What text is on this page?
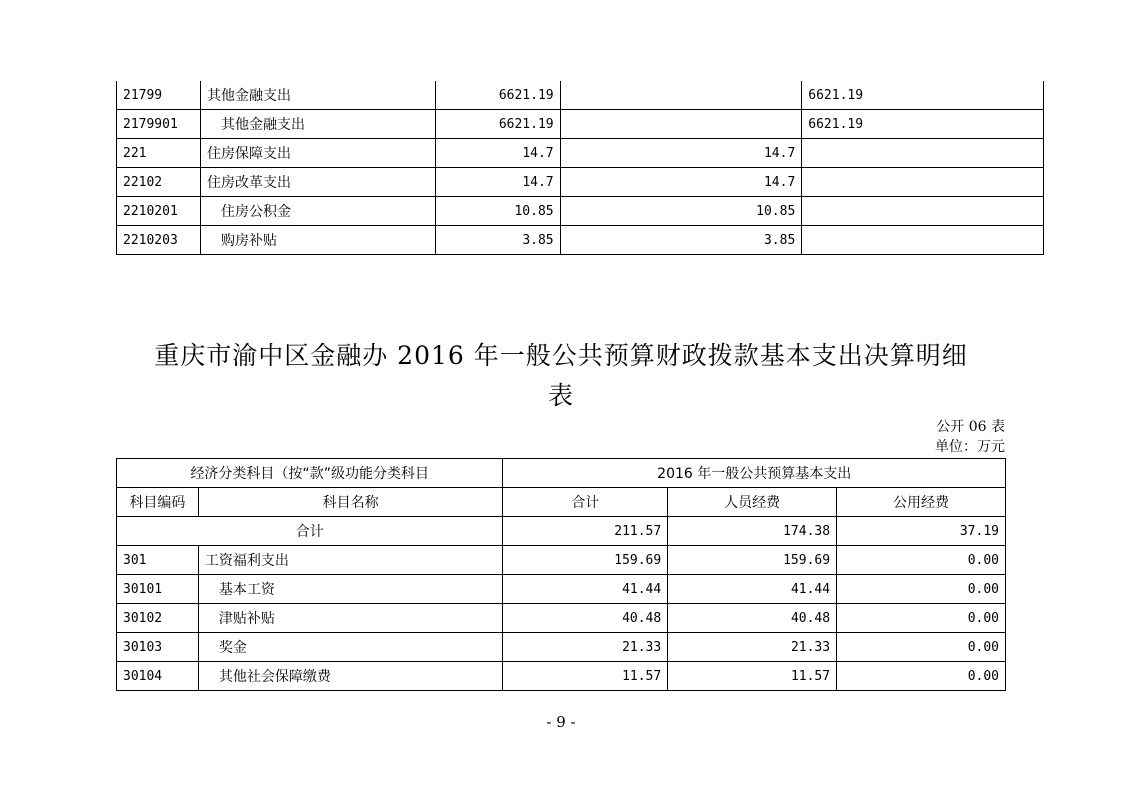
21799	其他金融支出	6621.19		6621.19
2179901	其他金融支出	6621.19		6621.19
221	住房保障支出	14.7	14.7	
22102	住房改革支出	14.7	14.7	
2210201	住房公积金	10.85	10.85	
2210203	购房补贴	3.85	3.85	
重庆市渝中区金融办 2016 年一般公共预算财政拨款基本支出决算明细
表
公开 06 表
单位：万元
经济分类科目（按“款”级功能分类科目		2016 年一般公共预算基本支出		
科目编码	科目名称	合计	人员经费	公用经费
合计		211.57	174.38	37.19
301	工资福利支出	159.69	159.69	0.00
30101	基本工资	41.44	41.44	0.00
30102	津贴补贴	40.48	40.48	0.00
30103	奖金	21.33	21.33	0.00
30104	其他社会保障缴费	11.57	11.57	0.00
- 9 -
